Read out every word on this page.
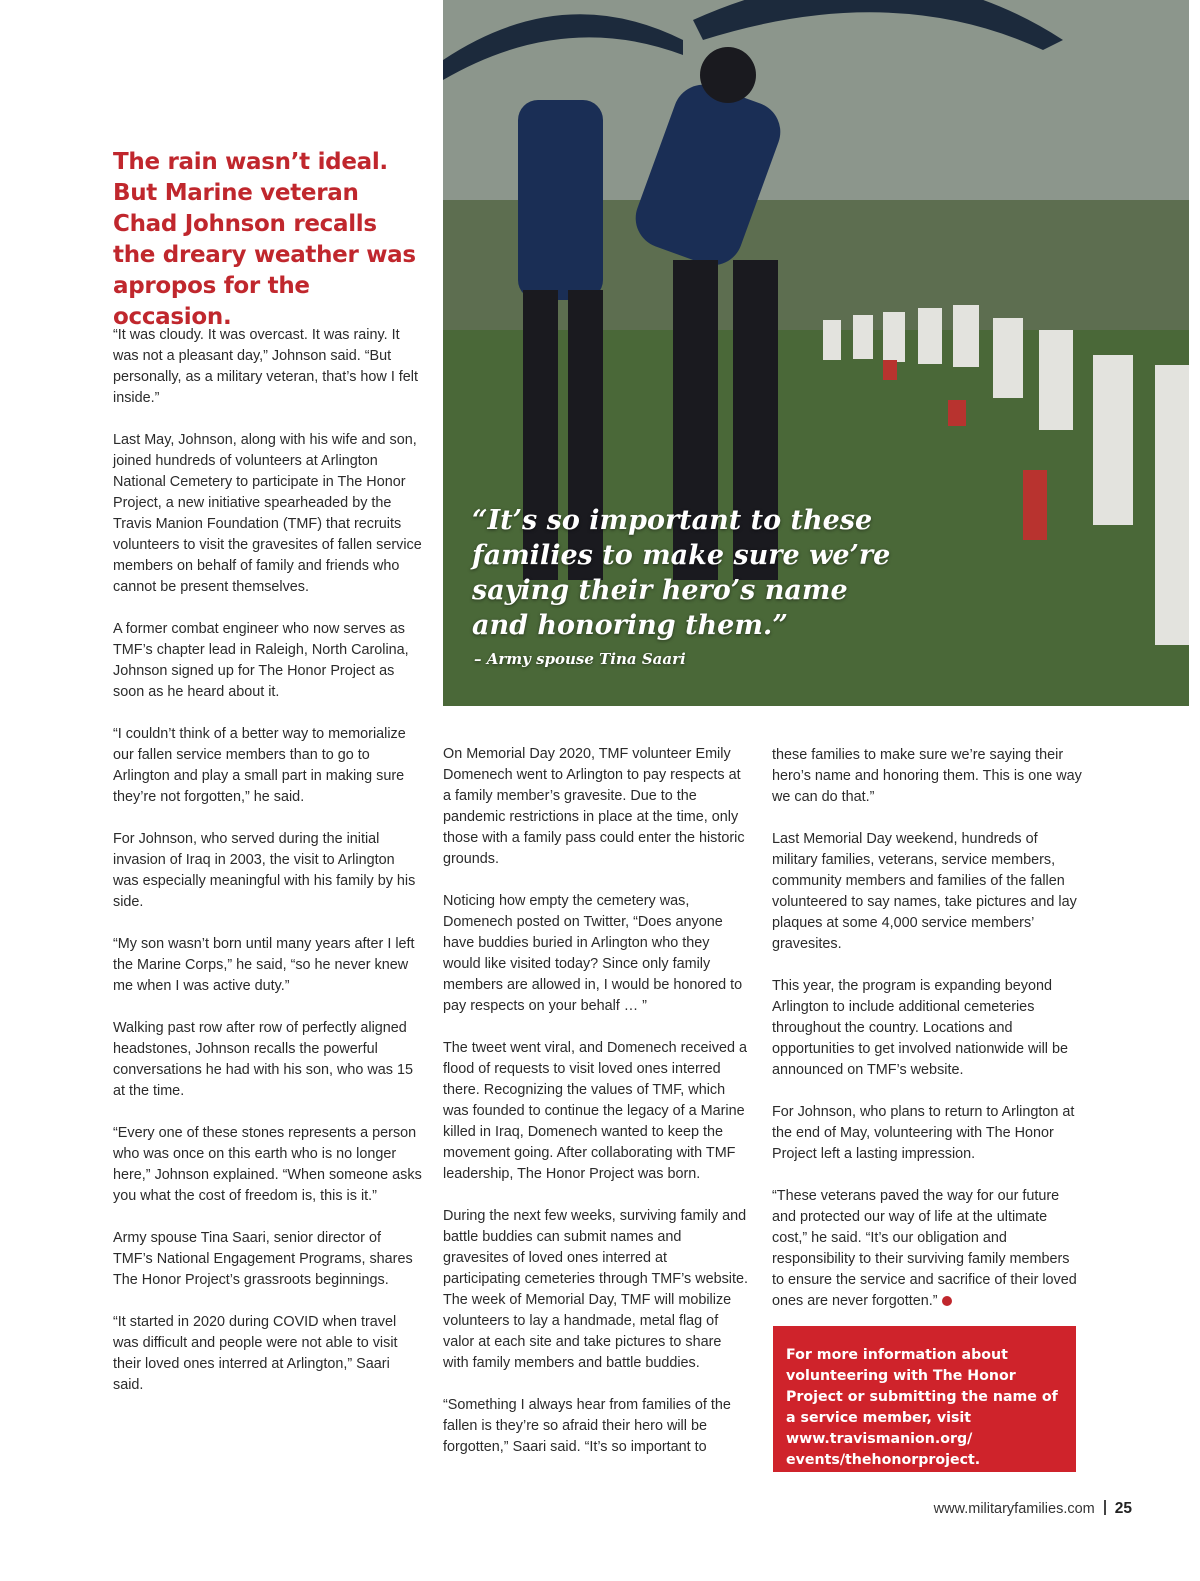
“It’s so important to these families to make sure we’re saying their hero’s name and honoring them.”
– Army spouse Tina Saari
The rain wasn’t ideal. But Marine veteran Chad Johnson recalls the dreary weather was apropos for the occasion.

“It was cloudy. It was overcast. It was rainy. It was not a pleasant day,” Johnson said. “But personally, as a military veteran, that’s how I felt inside.”

Last May, Johnson, along with his wife and son, joined hundreds of volunteers at Arlington National Cemetery to participate in The Honor Project, a new initiative spearheaded by the Travis Manion Foundation (TMF) that recruits volunteers to visit the gravesites of fallen service members on behalf of family and friends who cannot be present themselves.

A former combat engineer who now serves as TMF’s chapter lead in Raleigh, North Carolina, Johnson signed up for The Honor Project as soon as he heard about it.

“I couldn’t think of a better way to memorialize our fallen service members than to go to Arlington and play a small part in making sure they’re not forgotten,” he said.

For Johnson, who served during the initial invasion of Iraq in 2003, the visit to Arlington was especially meaningful with his family by his side.

“My son wasn’t born until many years after I left the Marine Corps,” he said, “so he never knew me when I was active duty.”

Walking past row after row of perfectly aligned headstones, Johnson recalls the powerful conversations he had with his son, who was 15 at the time.

“Every one of these stones represents a person who was once on this earth who is no longer here,” Johnson explained. “When someone asks you what the cost of freedom is, this is it.”

Army spouse Tina Saari, senior director of TMF’s National Engagement Programs, shares The Honor Project’s grassroots beginnings.

“It started in 2020 during COVID when travel was difficult and people were not able to visit their loved ones interred at Arlington,” Saari said.

On Memorial Day 2020, TMF volunteer Emily Domenech went to Arlington to pay respects at a family member’s gravesite. Due to the pandemic restrictions in place at the time, only those with a family pass could enter the historic grounds.

Noticing how empty the cemetery was, Domenech posted on Twitter, “Does anyone have buddies buried in Arlington who they would like visited today? Since only family members are allowed in, I would be honored to pay respects on your behalf … ”

The tweet went viral, and Domenech received a flood of requests to visit loved ones interred there. Recognizing the values of TMF, which was founded to continue the legacy of a Marine killed in Iraq, Domenech wanted to keep the movement going. After collaborating with TMF leadership, The Honor Project was born.

During the next few weeks, surviving family and battle buddies can submit names and gravesites of loved ones interred at participating cemeteries through TMF’s website. The week of Memorial Day, TMF will mobilize volunteers to lay a handmade, metal flag of valor at each site and take pictures to share with family members and battle buddies.

“Something I always hear from families of the fallen is they’re so afraid their hero will be forgotten,” Saari said. “It’s so important to

these families to make sure we’re saying their hero’s name and honoring them. This is one way we can do that.”

Last Memorial Day weekend, hundreds of military families, veterans, service members, community members and families of the fallen volunteered to say names, take pictures and lay plaques at some 4,000 service members’ gravesites.

This year, the program is expanding beyond Arlington to include additional cemeteries throughout the country. Locations and opportunities to get involved nationwide will be announced on TMF’s website.

For Johnson, who plans to return to Arlington at the end of May, volunteering with The Honor Project left a lasting impression.

“These veterans paved the way for our future and protected our way of life at the ultimate cost,” he said. “It’s our obligation and responsibility to their surviving family members to ensure the service and sacrifice of their loved ones are never forgotten.”

For more information about volunteering with The Honor Project or submitting the name of a service member, visit www.travismanion.org/ events/thehonorproject.
www.militaryfamilies.com 25
